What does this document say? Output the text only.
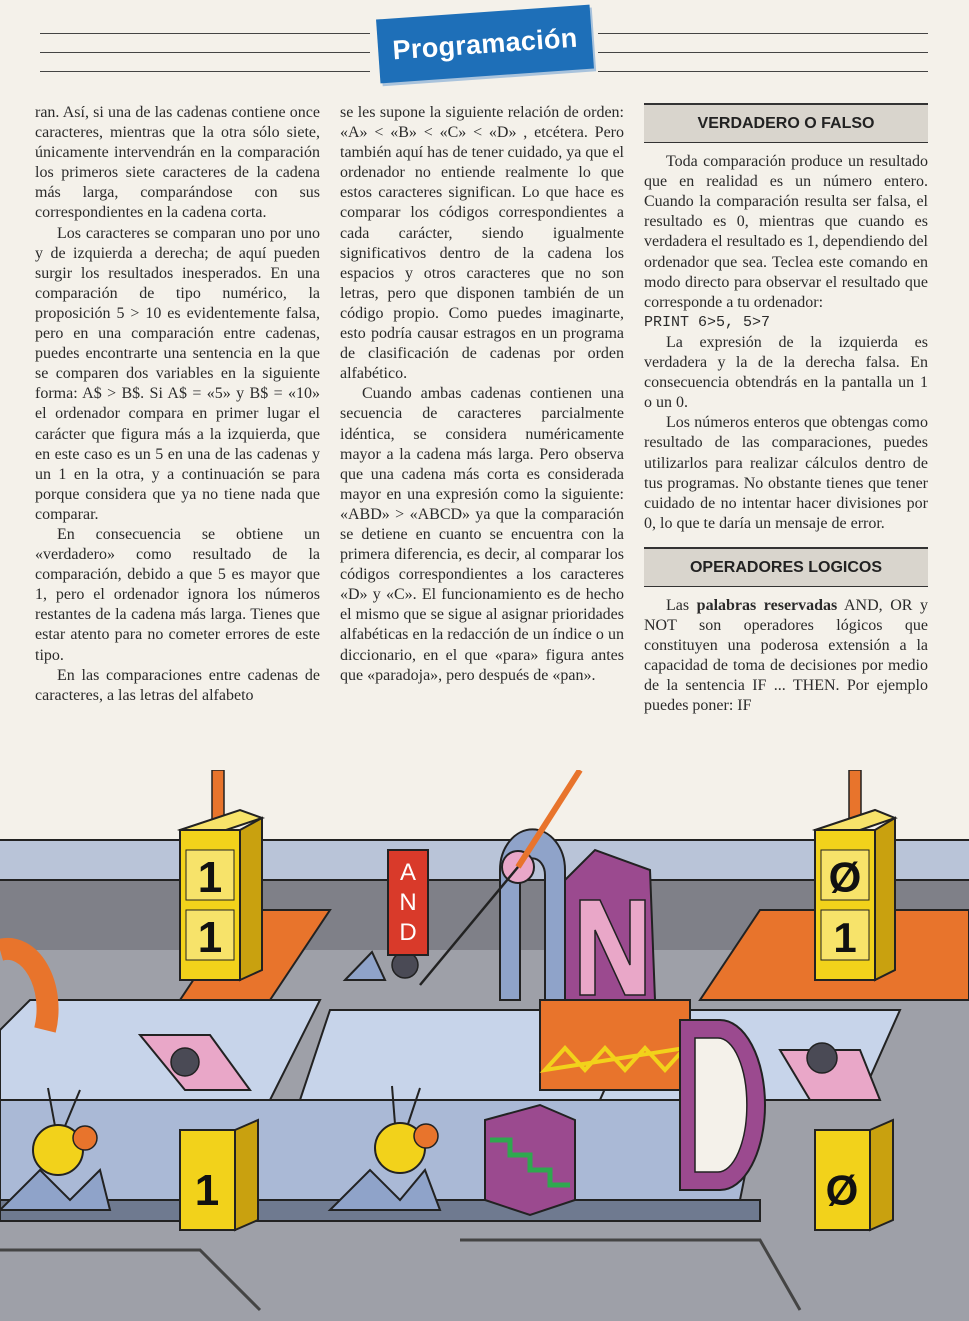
Programación

ran. Así, si una de las cadenas contiene once caracteres, mientras que la otra sólo siete, únicamente intervendrán en la comparación los primeros siete caracteres de la cadena más larga, comparándose con sus correspondientes en la cadena corta.

Los caracteres se comparan uno por uno y de izquierda a derecha; de aquí pueden surgir los resultados inesperados. En una comparación de tipo numérico, la proposición 5 > 10 es evidentemente falsa, pero en una comparación entre cadenas, puedes encontrarte una sentencia en la que se comparen dos variables en la siguiente forma: A$ > B$. Si A$ = «5» y B$ = «10» el ordenador compara en primer lugar el carácter que figura más a la izquierda, que en este caso es un 5 en una de las cadenas y un 1 en la otra, y a continuación se para porque considera que ya no tiene nada que comparar.

En consecuencia se obtiene un «verdadero» como resultado de la comparación, debido a que 5 es mayor que 1, pero el ordenador ignora los números restantes de la cadena más larga. Tienes que estar atento para no cometer errores de este tipo.

En las comparaciones entre cadenas de caracteres, a las letras del alfabeto

se les supone la siguiente relación de orden: «A» < «B» < «C» < «D» , etcétera. Pero también aquí has de tener cuidado, ya que el ordenador no entiende realmente lo que estos caracteres significan. Lo que hace es comparar los códigos correspondientes a cada carácter, siendo igualmente significativos dentro de la cadena los espacios y otros caracteres que no son letras, pero que disponen también de un código propio. Como puedes imaginarte, esto podría causar estragos en un programa de clasificación de cadenas por orden alfabético.

Cuando ambas cadenas contienen una secuencia de caracteres parcialmente idéntica, se considera numéricamente mayor a la cadena más larga. Pero observa que una cadena más corta es considerada mayor en una expresión como la siguiente: «ABD» > «ABCD» ya que la comparación se detiene en cuanto se encuentra con la primera diferencia, es decir, al comparar los códigos correspondientes a los caracteres «D» y «C». El funcionamiento es de hecho el mismo que se sigue al asignar prioridades alfabéticas en la redacción de un índice o un diccionario, en el que «para» figura antes que «paradoja», pero después de «pan».

VERDADERO O FALSO

Toda comparación produce un resultado que en realidad es un número entero. Cuando la comparación resulta ser falsa, el resultado es 0, mientras que cuando es verdadera el resultado es 1, dependiendo del ordenador que sea. Teclea este comando en modo directo para observar el resultado que corresponde a tu ordenador:

PRINT 6>5, 5>7

La expresión de la izquierda es verdadera y la de la derecha falsa. En consecuencia obtendrás en la pantalla un 1 o un 0.

Los números enteros que obtengas como resultado de las comparaciones, puedes utilizarlos para realizar cálculos dentro de tus programas. No obstante tienes que tener cuidado de no intentar hacer divisiones por 0, lo que te daría un mensaje de error.

OPERADORES LOGICOS

Las palabras reservadas AND, OR y NOT son operadores lógicos que constituyen una poderosa extensión a la capacidad de toma de decisiones por medio de la sentencia IF ... THEN. Por ejemplo puedes poner: IF

1
1
1
A
N
D
Ø
1
Ø
